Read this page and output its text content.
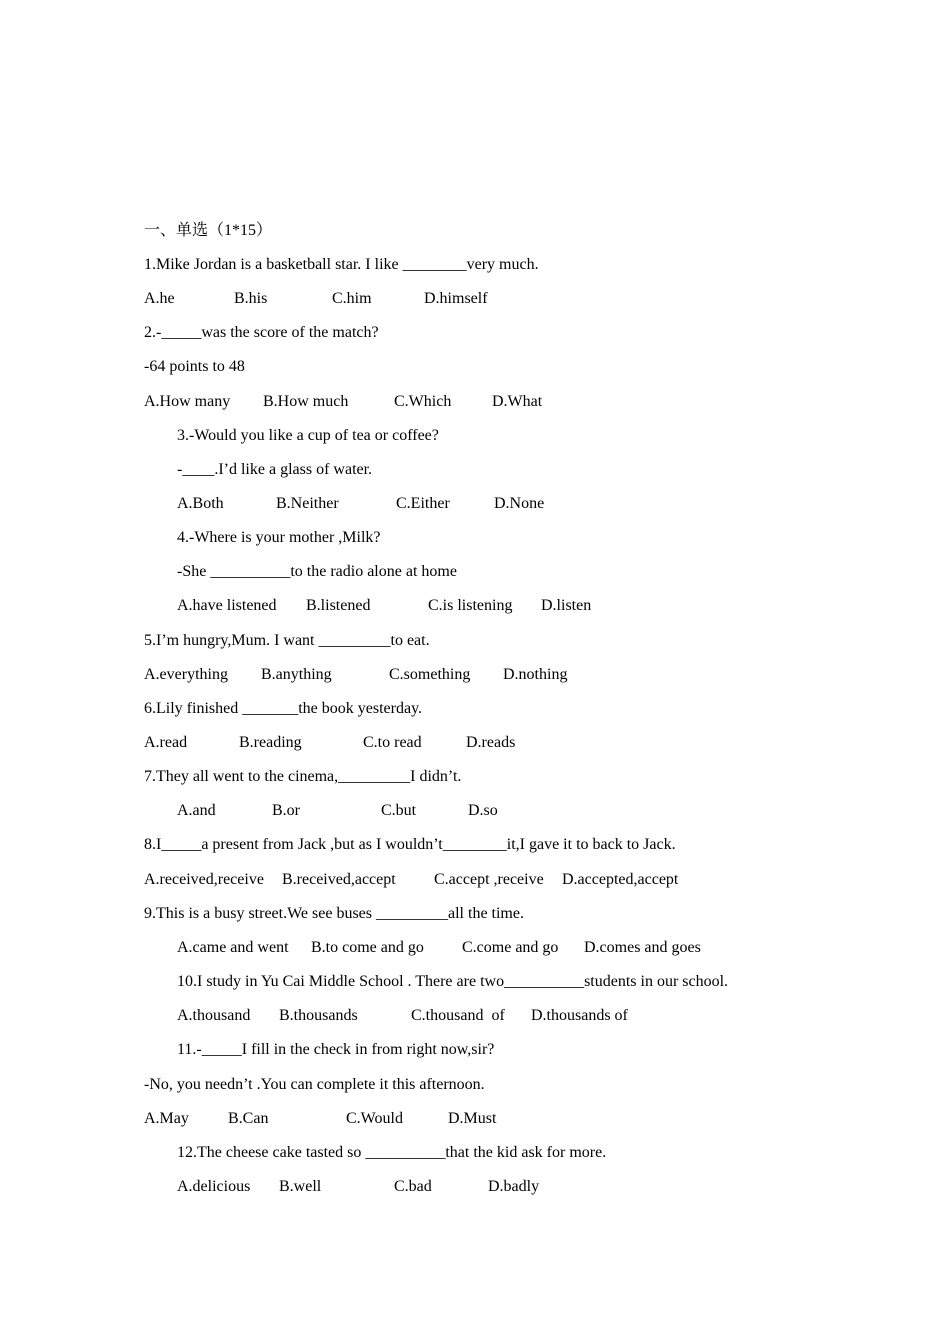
一、单选（1*15）
1.Mike Jordan is a basketball star. I like ________very much.
A.he	B.his	C.him	D.himself
2.-_____was the score of the match?
-64 points to 48
A.How many B.How much	C.Which	D.What
3.-Would you like a cup of tea or coffee?
-____.I’d like a glass of water.
A.Both	B.Neither	C.Either	D.None
4.-Where is your mother ,Milk?
-She __________to the radio alone at home
A.have listened B.listened	C.is listening D.listen
5.I’m hungry,Mum. I want _________to eat.
A.everything B.anything	C.something D.nothing
6.Lily finished _______the book yesterday.
A.read	B.reading	C.to read	D.reads
7.They all went to the cinema,_________I didn’t.
A.and	B.or	C.but	D.so
8.I_____a present from Jack ,but as I wouldn’t________it,I gave it to back to Jack.
A.received,receive B.received,accept C.accept ,receive D.accepted,accept
9.This is a busy street.We see buses _________all the time.
A.came and went B.to come and go C.come and go D.comes and goes
10.I study in Yu Cai Middle School . There are two__________students in our school.
A.thousand B.thousands	C.thousand  of D.thousands of
11.-_____I fill in the check in from right now,sir?
-No, you needn’t .You can complete it this afternoon.
A.May B.Can	C.Would	D.Must
12.The cheese cake tasted so __________that the kid ask for more.
A.delicious B.well	C.bad	D.badly
